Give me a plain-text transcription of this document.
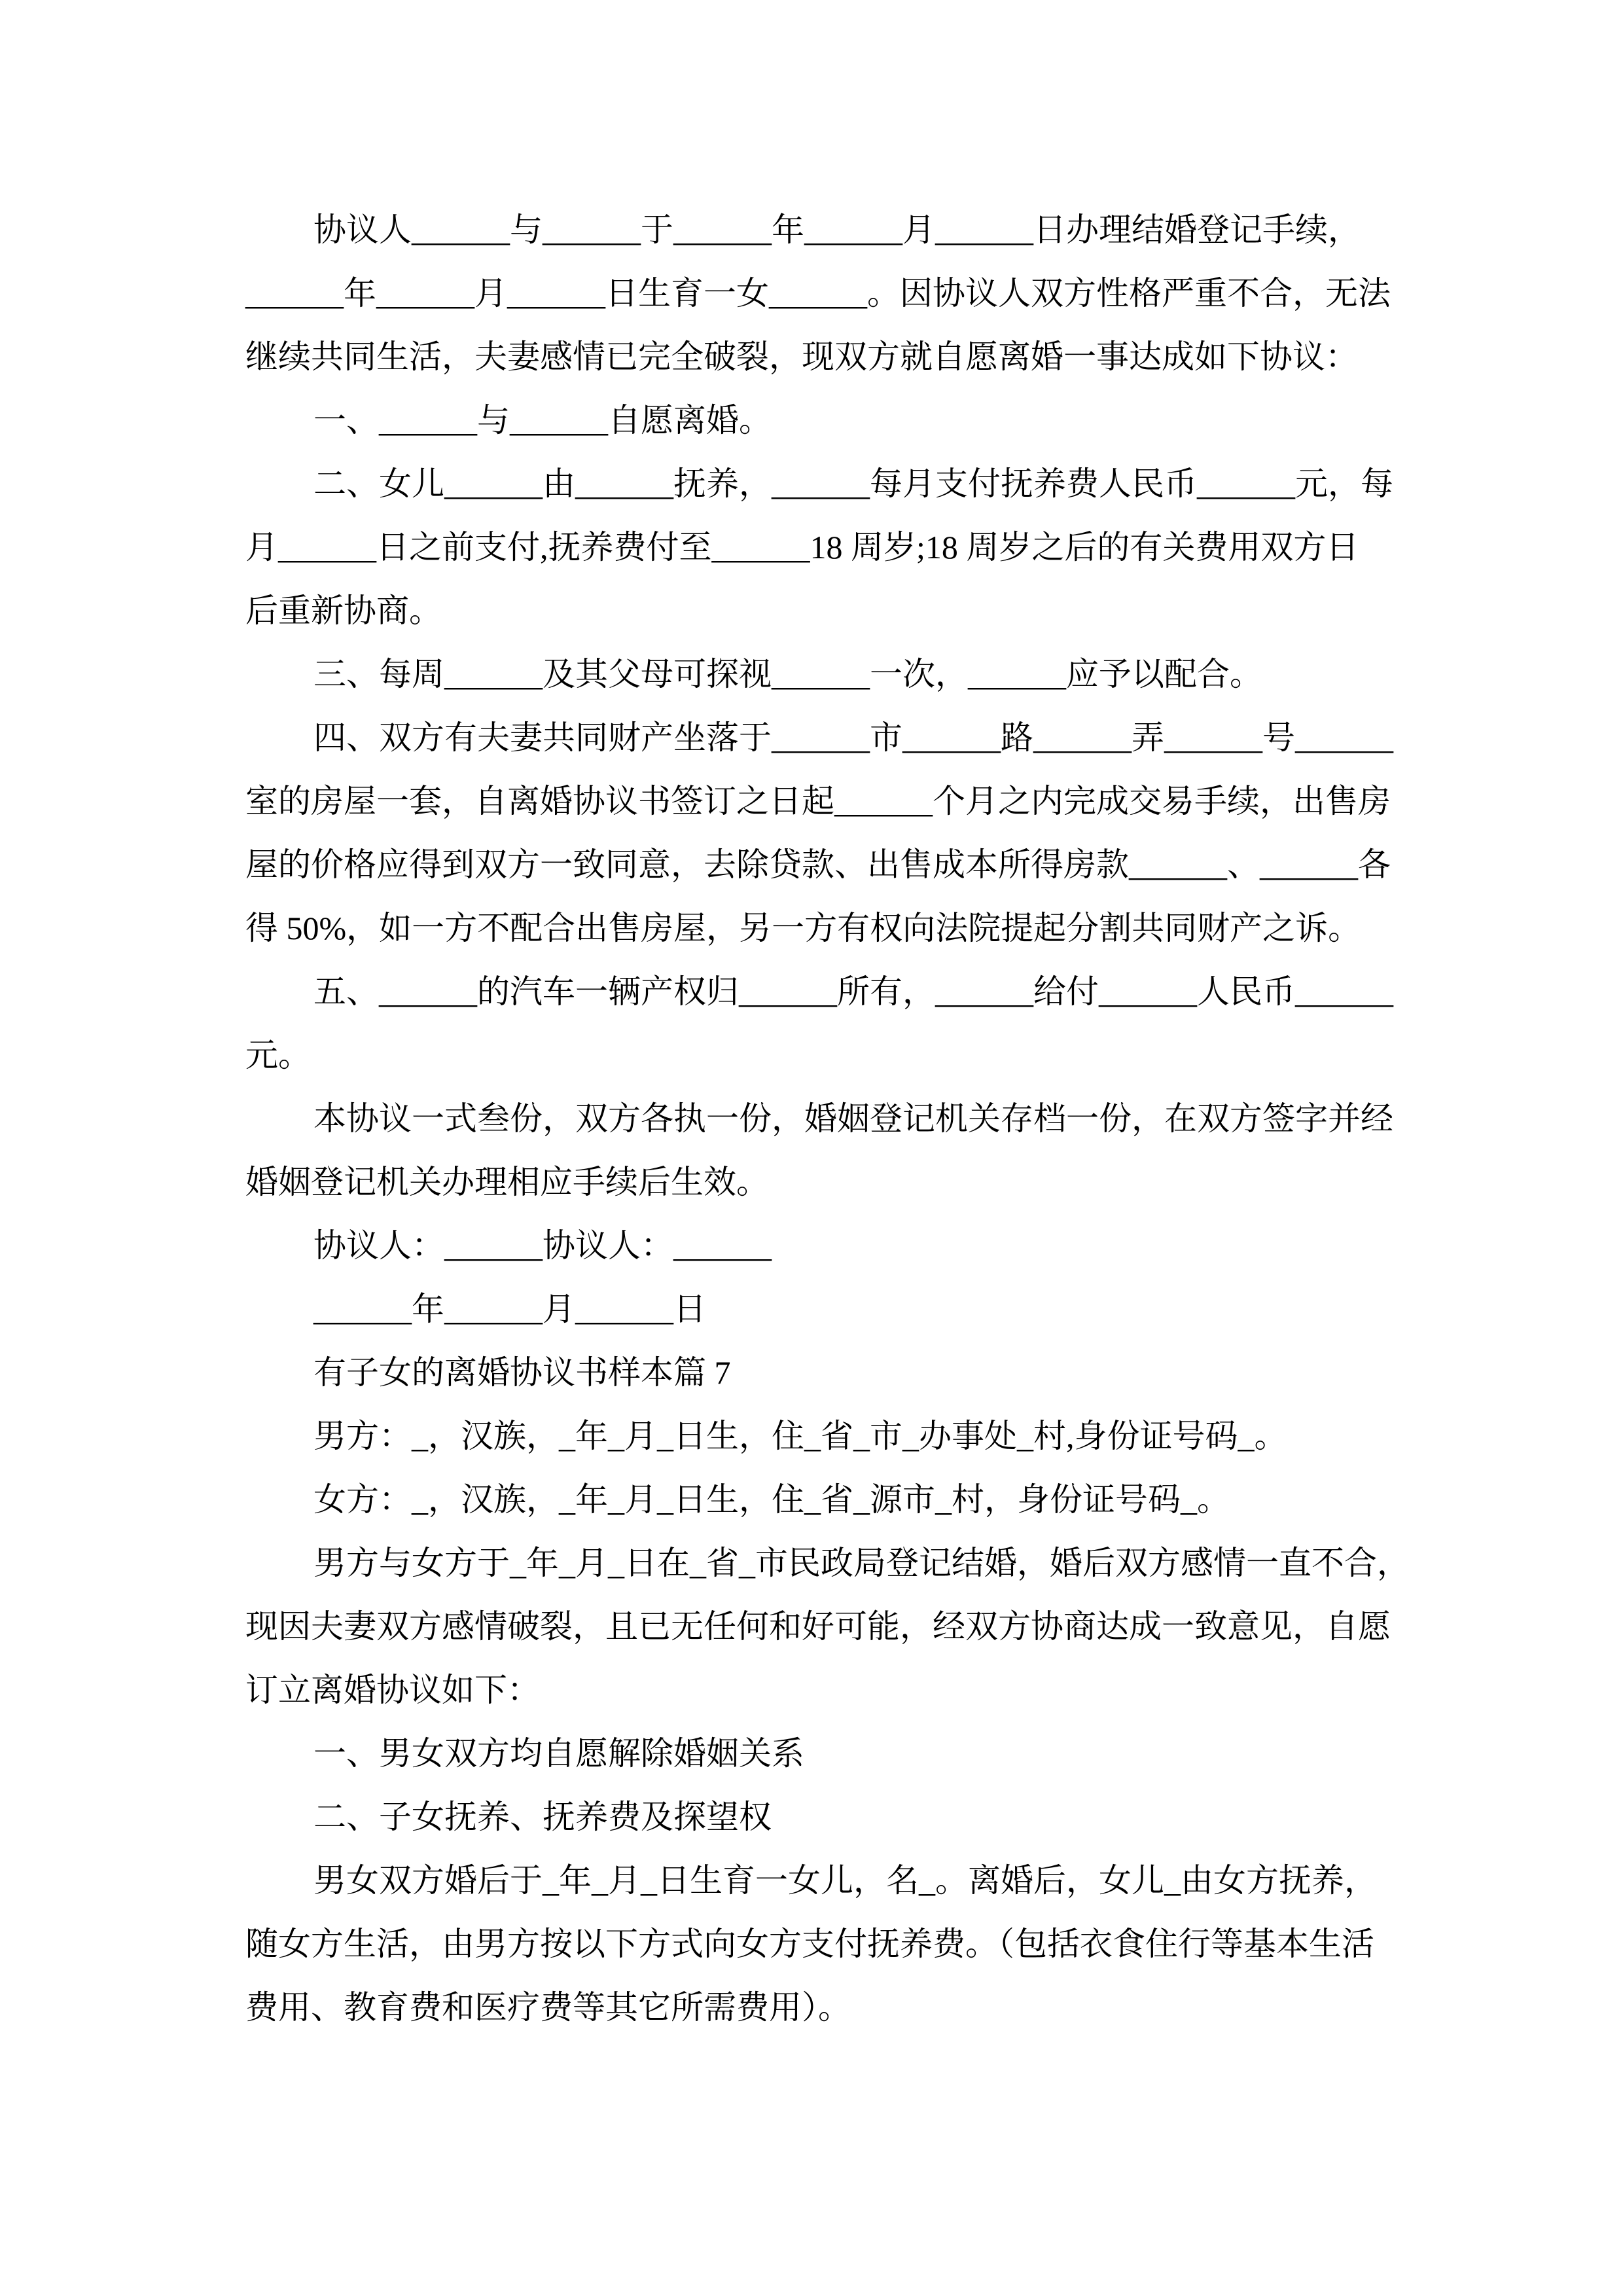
协议人______与______于______年______月______日办理结婚登记手续，
______年______月______日生育一女______。因协议人双方性格严重不合，无法
继续共同生活，夫妻感情已完全破裂，现双方就自愿离婚一事达成如下协议：
一、______与______自愿离婚。
二、女儿______由______抚养，______每月支付抚养费人民币______元，每
月______日之前支付,抚养费付至______18 周岁;18 周岁之后的有关费用双方日
后重新协商。
三、每周______及其父母可探视______一次，______应予以配合。
四、双方有夫妻共同财产坐落于______市______路______弄______号______
室的房屋一套，自离婚协议书签订之日起______个月之内完成交易手续，出售房
屋的价格应得到双方一致同意，去除贷款、出售成本所得房款______、______各
得 50%，如一方不配合出售房屋，另一方有权向法院提起分割共同财产之诉。
五、______的汽车一辆产权归______所有，______给付______人民币______
元。
本协议一式叁份，双方各执一份，婚姻登记机关存档一份，在双方签字并经
婚姻登记机关办理相应手续后生效。
协议人：______协议人：______
______年______月______日
有子女的离婚协议书样本篇 7
男方：_，汉族，_年_月_日生，住_省_市_办事处_村,身份证号码_。
女方：_，汉族，_年_月_日生，住_省_源市_村，身份证号码_。
男方与女方于_年_月_日在_省_市民政局登记结婚，婚后双方感情一直不合，
现因夫妻双方感情破裂，且已无任何和好可能，经双方协商达成一致意见，自愿
订立离婚协议如下：
一、男女双方均自愿解除婚姻关系
二、子女抚养、抚养费及探望权
男女双方婚后于_年_月_日生育一女儿，名_。离婚后，女儿_由女方抚养，
随女方生活，由男方按以下方式向女方支付抚养费。（包括衣食住行等基本生活
费用、教育费和医疗费等其它所需费用）。
